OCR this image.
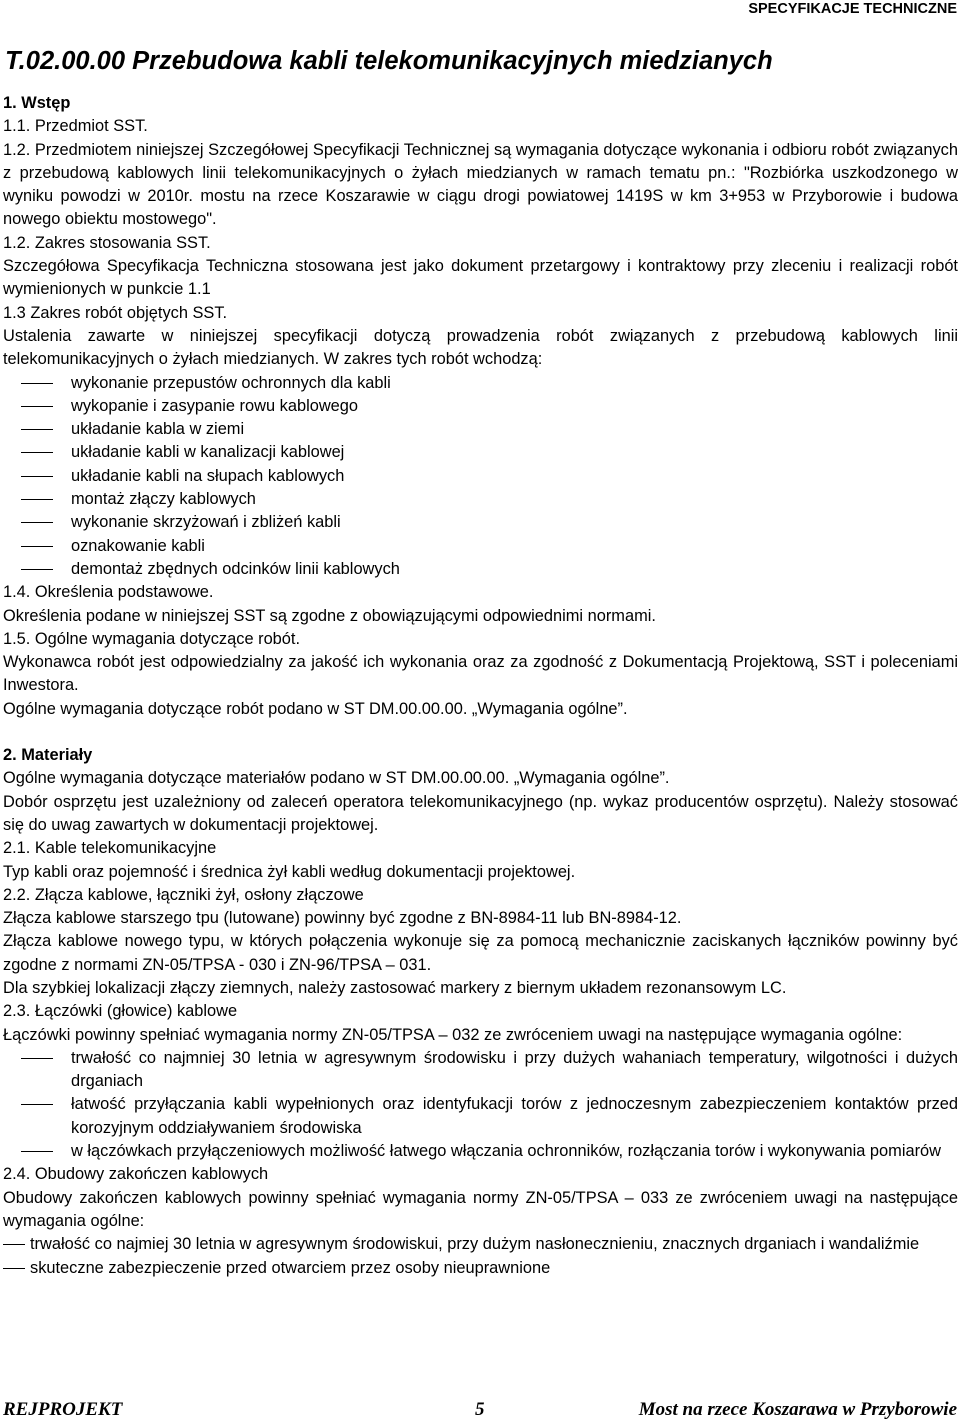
SPECYFIKACJE TECHNICZNE
T.02.00.00 Przebudowa kabli telekomunikacyjnych miedzianych

1. Wstęp

1.1. Przedmiot SST.

1.2. Przedmiotem niniejszej Szczegółowej Specyfikacji Technicznej są wymagania dotyczące wykonania i odbioru robót związanych z przebudową kablowych linii telekomunikacyjnych o żyłach miedzianych w ramach tematu pn.: "Rozbiórka uszkodzonego w wyniku powodzi w 2010r. mostu na rzece Koszarawie w ciągu drogi powiatowej 1419S w km 3+953 w Przyborowie i budowa nowego obiektu mostowego".

1.2. Zakres stosowania SST.

Szczegółowa Specyfikacja Techniczna stosowana jest jako dokument przetargowy i kontraktowy przy zleceniu i realizacji robót wymienionych w punkcie 1.1

1.3 Zakres robót objętych SST.

Ustalenia zawarte w niniejszej specyfikacji dotyczą prowadzenia robót związanych z przebudową kablowych linii telekomunikacyjnych o żyłach miedzianych. W zakres tych robót wchodzą:

wykonanie przepustów ochronnych dla kabli
wykopanie i zasypanie rowu kablowego
układanie kabla w ziemi
układanie kabli w kanalizacji kablowej
układanie kabli na słupach kablowych
montaż złączy kablowych
wykonanie skrzyżowań i zbliżeń kabli
oznakowanie kabli
demontaż zbędnych odcinków linii kablowych

1.4. Określenia podstawowe.

Określenia podane w niniejszej SST są zgodne z obowiązującymi odpowiednimi normami.

1.5. Ogólne wymagania dotyczące robót.

Wykonawca robót jest odpowiedzialny za jakość ich wykonania oraz za zgodność z Dokumentacją Projektową, SST i poleceniami Inwestora.

Ogólne wymagania dotyczące robót podano w ST DM.00.00.00. „Wymagania ogólne”.

2. Materiały

Ogólne wymagania dotyczące materiałów podano w ST DM.00.00.00. „Wymagania ogólne”.

Dobór osprzętu jest uzależniony od zaleceń operatora telekomunikacyjnego (np. wykaz producentów osprzętu). Należy stosować się do uwag zawartych w dokumentacji projektowej.

2.1. Kable telekomunikacyjne

Typ kabli oraz pojemność i średnica żył kabli według dokumentacji projektowej.

2.2. Złącza kablowe, łączniki żył, osłony złączowe

Złącza kablowe starszego tpu (lutowane) powinny być zgodne z BN-8984-11 lub BN-8984-12.

Złącza kablowe nowego typu, w których połączenia wykonuje się za pomocą mechanicznie zaciskanych łączników powinny być zgodne z normami ZN-05/TPSA - 030 i ZN-96/TPSA – 031.

Dla szybkiej lokalizacji złączy ziemnych, należy zastosować markery z biernym układem rezonansowym LC.

2.3. Łączówki (głowice) kablowe

Łączówki powinny spełniać wymagania normy ZN-05/TPSA – 032 ze zwróceniem uwagi na następujące wymagania ogólne:

trwałość co najmniej 30 letnia w agresywnym środowisku i przy dużych wahaniach temperatury, wilgotności i dużych drganiach
łatwość przyłączania kabli wypełnionych oraz identyfukacji torów z jednoczesnym zabezpieczeniem kontaktów przed korozyjnym oddziaływaniem środowiska
w łączówkach przyłączeniowych możliwość łatwego włączania ochronników, rozłączania torów i wykonywania pomiarów

2.4. Obudowy zakończen kablowych

Obudowy zakończen kablowych powinny spełniać wymagania normy ZN-05/TPSA – 033 ze zwróceniem uwagi na następujące wymagania ogólne:

trwałość co najmiej 30 letnia w agresywnym środowiskui, przy dużym nasłonecznieniu, znacznych drganiach i wandaliźmie
skuteczne zabezpieczenie przed otwarciem przez osoby nieuprawnione
REJPROJEKT	5	Most na rzece Koszarawa w Przyborowie
